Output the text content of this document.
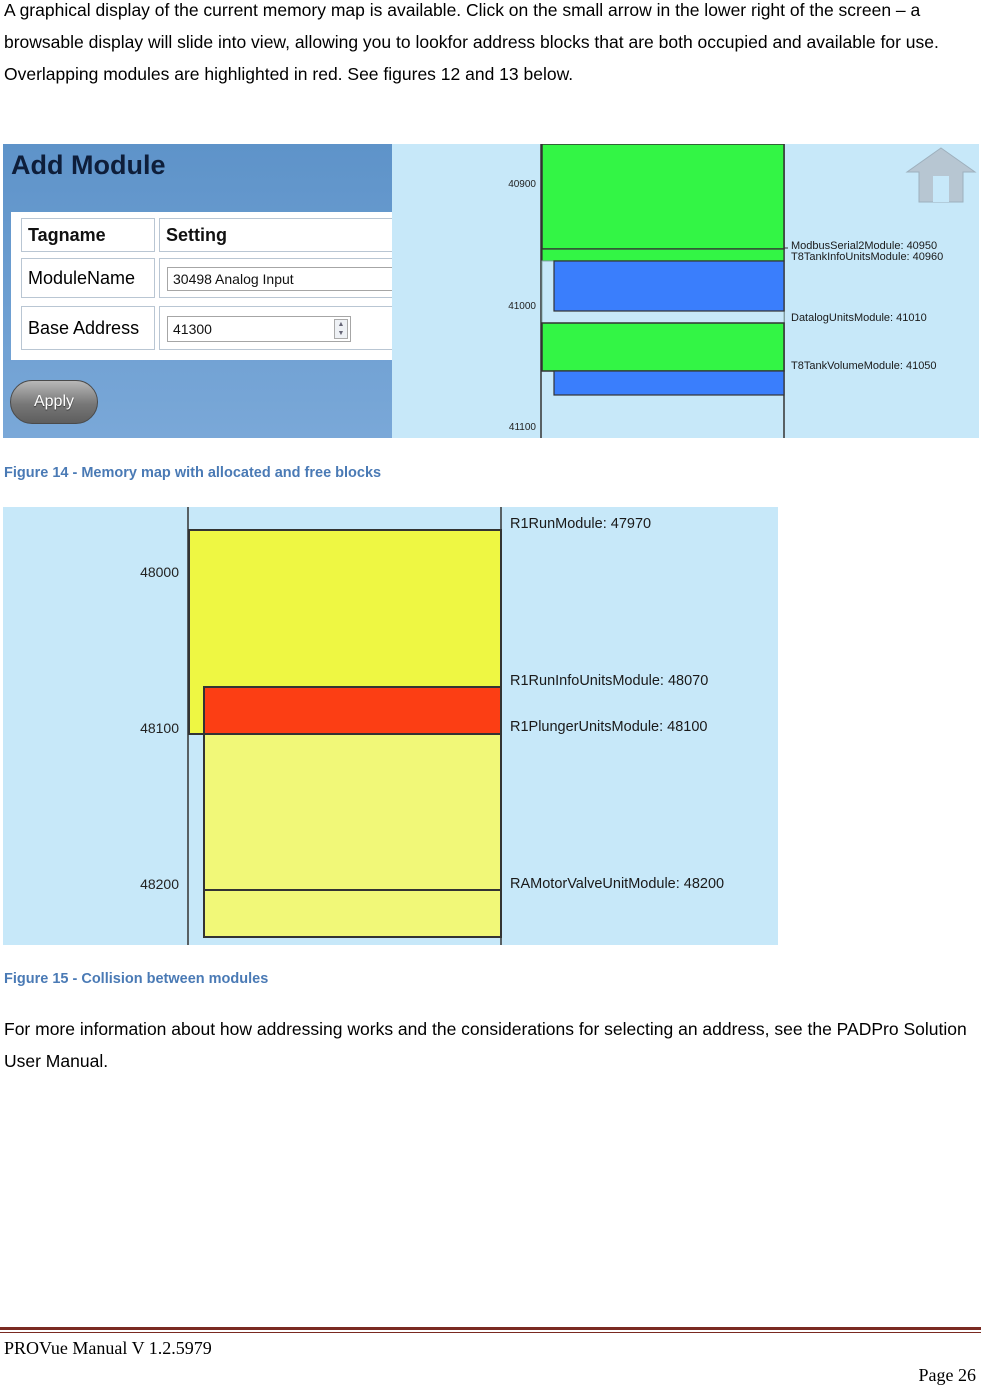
A graphical display of the current memory map is available. Click on the small arrow in the lower right of the screen – a browsable display will slide into view, allowing you to lookfor address blocks that are both occupied and available for use. Overlapping modules are highlighted in red. See figures 12 and 13 below.

Add Module
Tagname	Setting
ModuleName	30498 Analog Input
Base Address	41300	▲
▼
Apply
40900
41000
41100
ModbusSerial2Module: 40950
T8TankInfoUnitsModule: 40960
DatalogUnitsModule: 41010
T8TankVolumeModule: 41050

Figure 14 - Memory map with allocated and free blocks

48000
48100
48200
R1RunModule: 47970
R1RunInfoUnitsModule: 48070
R1PlungerUnitsModule: 48100
RAMotorValveUnitModule: 48200

Figure 15 - Collision between modules

For more information about how addressing works and the considerations for selecting an address, see the PADPro Solution User Manual.

PROVue Manual V 1.2.5979
Page 26
